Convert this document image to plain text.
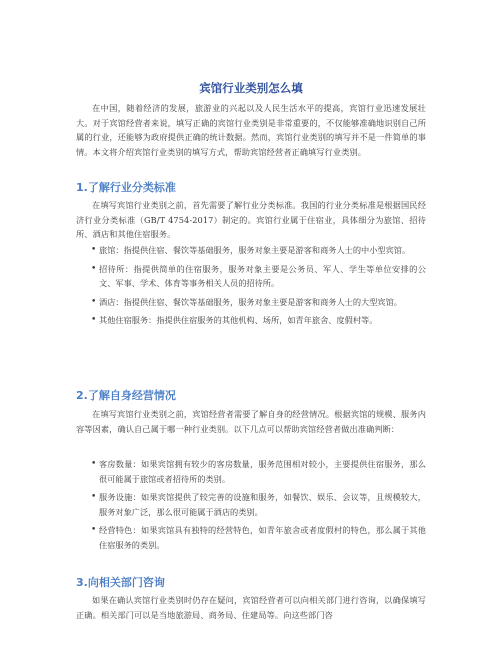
宾馆行业类别怎么填
在中国，随着经济的发展，旅游业的兴起以及人民生活水平的提高，宾馆行业迅速发展壮大。对于宾馆经营者来说，填写正确的宾馆行业类别是非常重要的，不仅能够准确地识别自己所属的行业，还能够为政府提供正确的统计数据。然而，宾馆行业类别的填写并不是一件简单的事情。本文将介绍宾馆行业类别的填写方式，帮助宾馆经营者正确填写行业类别。
1.了解行业分类标准
在填写宾馆行业类别之前，首先需要了解行业分类标准。我国的行业分类标准是根据国民经济行业分类标准（GB/T 4754-2017）制定的。宾馆行业属于住宿业，具体细分为旅馆、招待所、酒店和其他住宿服务。
• 旅馆：指提供住宿、餐饮等基础服务，服务对象主要是游客和商务人士的中小型宾馆。
• 招待所：指提供简单的住宿服务，服务对象主要是公务员、军人、学生等单位安排的公文、军事、学术、体育等事务相关人员的招待所。
• 酒店：指提供住宿、餐饮等基础服务，服务对象主要是游客和商务人士的大型宾馆。
• 其他住宿服务：指提供住宿服务的其他机构、场所，如青年旅舍、度假村等。
2.了解自身经营情况
在填写宾馆行业类别之前，宾馆经营者需要了解自身的经营情况。根据宾馆的规模、服务内容等因素，确认自己属于哪一种行业类别。以下几点可以帮助宾馆经营者做出准确判断：
• 客房数量：如果宾馆拥有较少的客房数量，服务范围相对较小，主要提供住宿服务，那么很可能属于旅馆或者招待所的类别。
• 服务设施：如果宾馆提供了较完善的设施和服务，如餐饮、娱乐、会议等，且规模较大，服务对象广泛，那么很可能属于酒店的类别。
• 经营特色：如果宾馆具有独特的经营特色，如青年旅舍或者度假村的特色，那么属于其他住宿服务的类别。
3.向相关部门咨询
如果在确认宾馆行业类别时仍存在疑问，宾馆经营者可以向相关部门进行咨询，以确保填写正确。相关部门可以是当地旅游局、商务局、住建局等。向这些部门咨
